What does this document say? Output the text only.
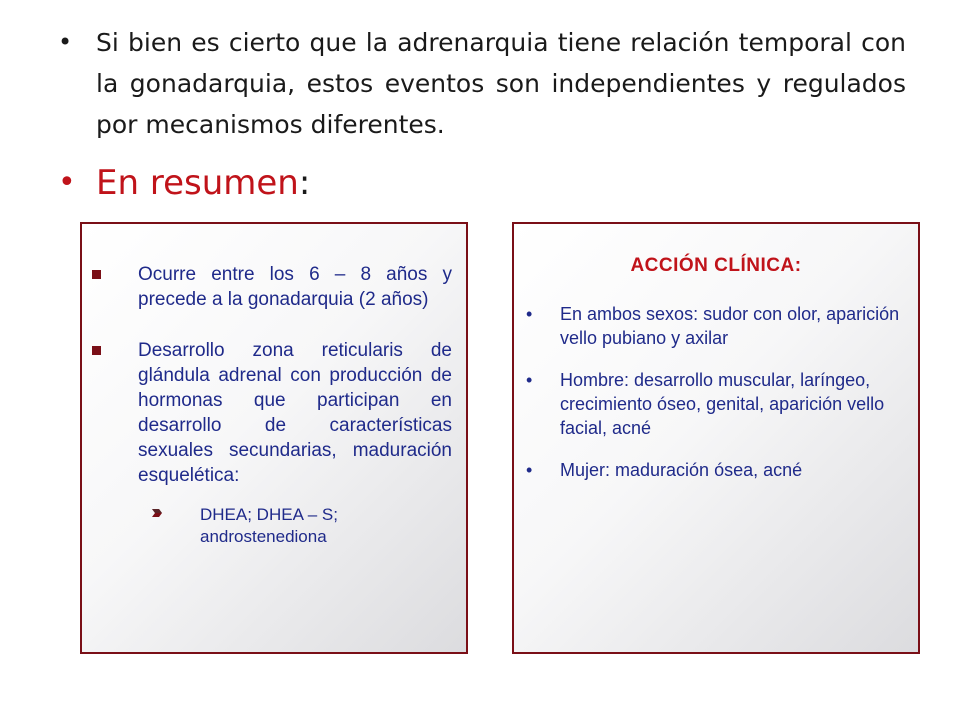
• Si bien es cierto que la adrenarquia tiene relación temporal con la gonadarquia, estos eventos son independientes y regulados por mecanismos diferentes.
• En resumen:
Ocurre entre los 6 – 8 años y precede a la gonadarquia (2 años)
Desarrollo zona reticularis de glándula adrenal con producción de hormonas que participan en desarrollo de características sexuales secundarias, maduración esquelética:
DHEA; DHEA – S; androstenediona
ACCIÓN CLÍNICA:
• En ambos sexos: sudor con olor, aparición vello pubiano y axilar
• Hombre: desarrollo muscular, laríngeo, crecimiento óseo, genital, aparición vello facial, acné
• Mujer: maduración ósea, acné
